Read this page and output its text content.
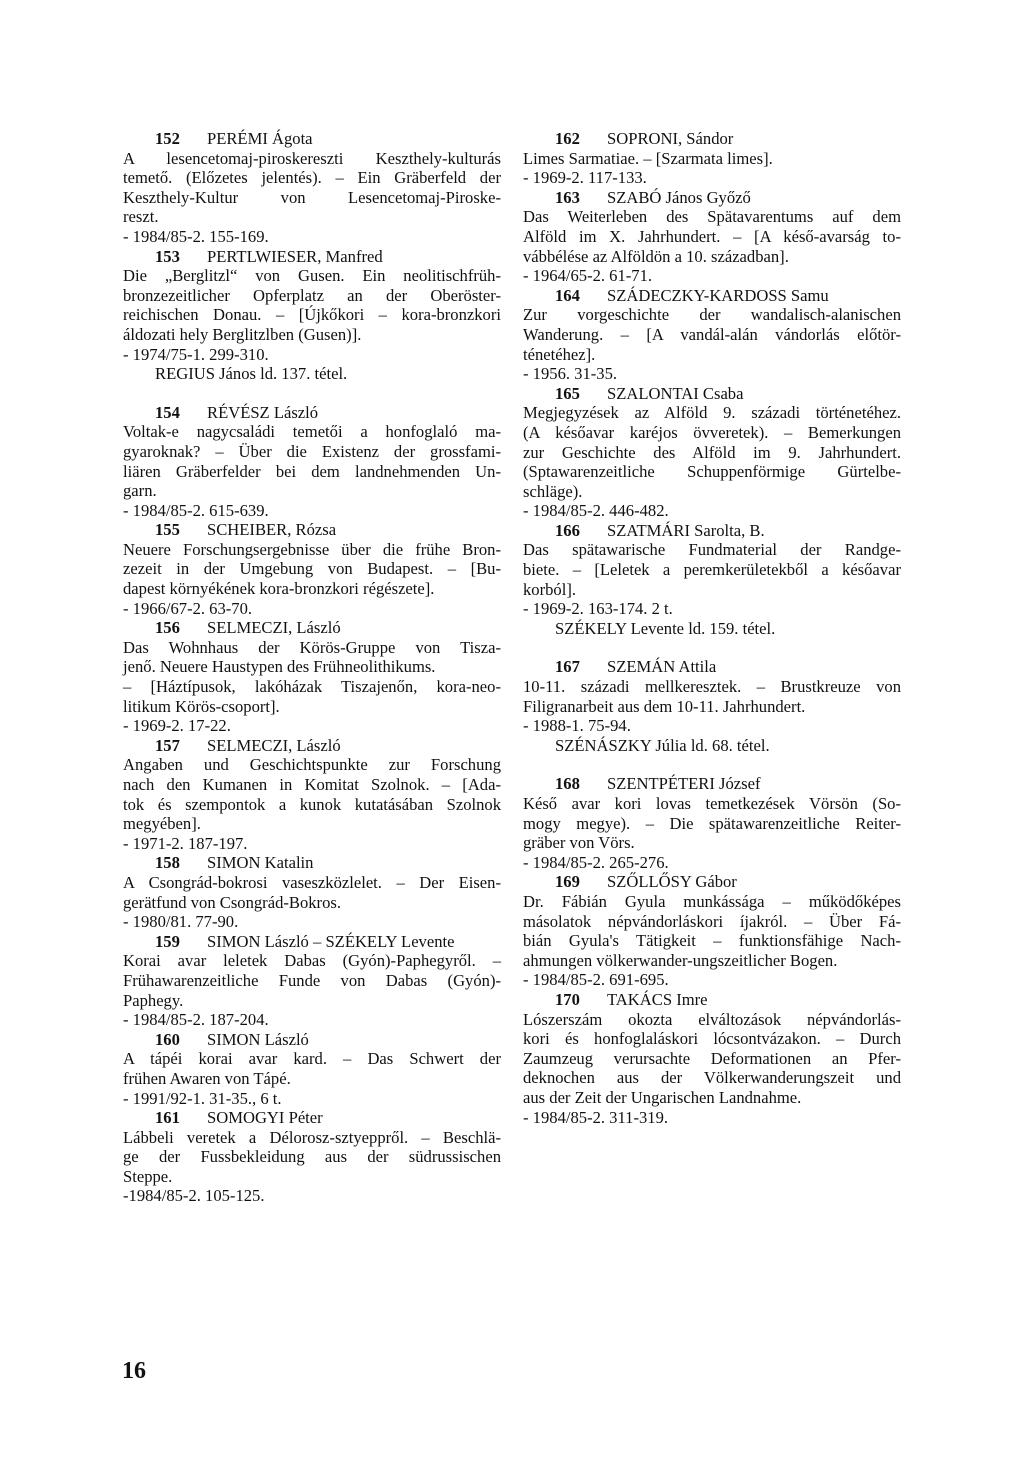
152 PERÉMI Ágota
A lesencetomaj-piroskereszti Keszthely-kulturás
temető. (Előzetes jelentés). – Ein Gräberfeld der
Keszthely-Kultur von Lesencetomaj-Piroske-
reszt.
- 1984/85-2. 155-169.
153 PERTLWIESER, Manfred
Die „Berglitzl“ von Gusen. Ein neolitischfrüh-
bronzezeitlicher Opferplatz an der Oberöster-
reichischen Donau. – [Újkőkori – kora-bronzkori
áldozati hely Berglitzlben (Gusen)].
- 1974/75-1. 299-310.
REGIUS János ld. 137. tétel.
154 RÉVÉSZ László
Voltak-e nagycsaládi temetői a honfoglaló ma-
gyaroknak? – Über die Existenz der grossfami-
liären Gräberfelder bei dem landnehmenden Un-
garn.
- 1984/85-2. 615-639.
155 SCHEIBER, Rózsa
Neuere Forschungsergebnisse über die frühe Bron-
zezeit in der Umgebung von Budapest. – [Bu-
dapest környékének kora-bronzkori régészete].
- 1966/67-2. 63-70.
156 SELMECZI, László
Das Wohnhaus der Körös-Gruppe von Tisza-
jenő. Neuere Haustypen des Frühneolithikums.
– [Háztípusok, lakóházak Tiszajenőn, kora-neo-
litikum Körös-csoport].
- 1969-2. 17-22.
157 SELMECZI, László
Angaben und Geschichtspunkte zur Forschung
nach den Kumanen in Komitat Szolnok. – [Ada-
tok és szempontok a kunok kutatásában Szolnok
megyében].
- 1971-2. 187-197.
158 SIMON Katalin
A Csongrád-bokrosi vaseszközlelet. – Der Eisen-
gerätfund von Csongrád-Bokros.
- 1980/81. 77-90.
159 SIMON László – SZÉKELY Levente
Korai avar leletek Dabas (Gyón)-Paphegyről. –
Frühawarenzeitliche Funde von Dabas (Gyón)-
Paphegy.
- 1984/85-2. 187-204.
160 SIMON László
A tápéi korai avar kard. – Das Schwert der
frühen Awaren von Tápé.
- 1991/92-1. 31-35., 6 t.
161 SOMOGYI Péter
Lábbeli veretek a Délorosz-sztyeppről. – Beschlä-
ge der Fussbekleidung aus der südrussischen
Steppe.
-1984/85-2. 105-125.
162 SOPRONI, Sándor
Limes Sarmatiae. – [Szarmata limes].
- 1969-2. 117-133.
163 SZABÓ János Győző
Das Weiterleben des Spätavarentums auf dem
Alföld im X. Jahrhundert. – [A késő-avarság to-
vábbélése az Alföldön a 10. században].
- 1964/65-2. 61-71.
164 SZÁDECZKY-KARDOSS Samu
Zur vorgeschichte der wandalisch-alanischen
Wanderung. – [A vandál-alán vándorlás előtör-
ténetéhez].
- 1956. 31-35.
165 SZALONTAI Csaba
Megjegyzések az Alföld 9. századi történetéhez.
(A későavar karéjos övveretek). – Bemerkungen
zur Geschichte des Alföld im 9. Jahrhundert.
(Sptawarenzeitliche Schuppenförmige Gürtelbe-
schläge).
- 1984/85-2. 446-482.
166 SZATMÁRI Sarolta, B.
Das spätawarische Fundmaterial der Randge-
biete. – [Leletek a peremkerületekből a későavar
korból].
- 1969-2. 163-174. 2 t.
SZÉKELY Levente ld. 159. tétel.
167 SZEMÁN Attila
10-11. századi mellkeresztek. – Brustkreuze von
Filigranarbeit aus dem 10-11. Jahrhundert.
- 1988-1. 75-94.
SZÉNÁSZKY Júlia ld. 68. tétel.
168 SZENTPÉTERI József
Késő avar kori lovas temetkezések Vörsön (So-
mogy megye). – Die spätawarenzeitliche Reiter-
gräber von Vörs.
- 1984/85-2. 265-276.
169 SZŐLLŐSY Gábor
Dr. Fábián Gyula munkássága – működőképes
másolatok népvándorláskori íjakról. – Über Fá-
bián Gyula's Tätigkeit – funktionsfähige Nach-
ahmungen völkerwander-ungszeitlicher Bogen.
- 1984/85-2. 691-695.
170 TAKÁCS Imre
Lószerszám okozta elváltozások népvándorlás-
kori és honfoglaláskori lócsontvázakon. – Durch
Zaumzeug verursachte Deformationen an Pfer-
deknochen aus der Völkerwanderungszeit und
aus der Zeit der Ungarischen Landnahme.
- 1984/85-2. 311-319.
16
